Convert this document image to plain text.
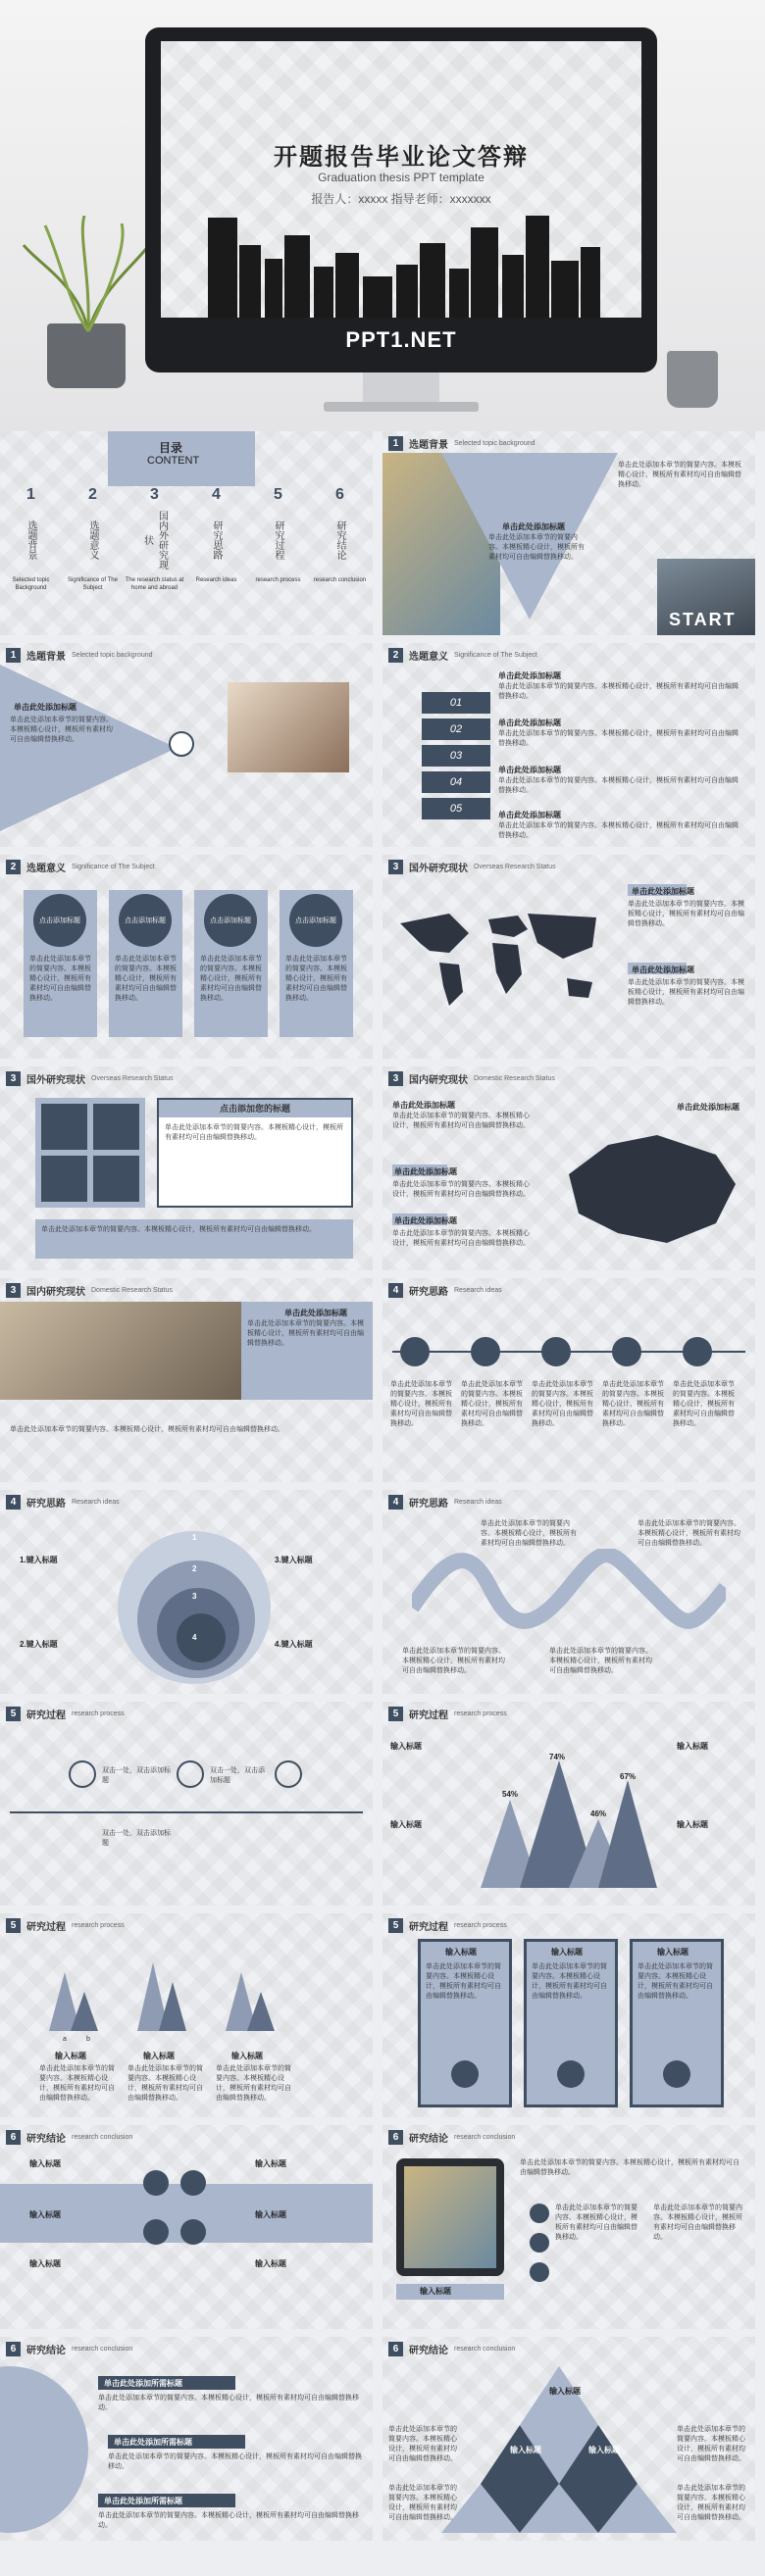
开题报告毕业论文答辩
Graduation thesis PPT template
报告人：xxxxx 指导老师：xxxxxxx
PPT1.NET
目录
CONTENT
1
选题背景
Selected topic Background
2
选题意义
Significance of The Subject
3
国内外研究现状
The research status at home and abroad
4
研究思路
Research ideas
5
研究过程
research process
6
研究结论
research conclusion
1	选题背景 Selected topic background
单击此处添加标题
单击此处添加本章节的简要内容。本模板精心设计，模板所有素材均可自由编辑替换移动。
单击此处添加本章节的简要内容。本模板精心设计，模板所有素材均可自由编辑替换移动。
START
1	选题背景 Selected topic background
单击此处添加标题
单击此处添加本章节的简要内容。本模板精心设计，模板所有素材均可自由编辑替换移动。
2	选题意义 Significance of The Subject
01
02
03
04
05
单击此处添加标题
单击此处添加本章节的简要内容。本模板精心设计，模板所有素材均可自由编辑替换移动。
单击此处添加标题
单击此处添加本章节的简要内容。本模板精心设计，模板所有素材均可自由编辑替换移动。
单击此处添加标题
单击此处添加本章节的简要内容。本模板精心设计，模板所有素材均可自由编辑替换移动。
单击此处添加标题
单击此处添加本章节的简要内容。本模板精心设计，模板所有素材均可自由编辑替换移动。
2	选题意义 Significance of The Subject
点击添加标题
单击此处添加本章节的简要内容。本模板精心设计，模板所有素材均可自由编辑替换移动。
点击添加标题
单击此处添加本章节的简要内容。本模板精心设计，模板所有素材均可自由编辑替换移动。
点击添加标题
单击此处添加本章节的简要内容。本模板精心设计，模板所有素材均可自由编辑替换移动。
点击添加标题
单击此处添加本章节的简要内容。本模板精心设计，模板所有素材均可自由编辑替换移动。
3	国外研究现状 Overseas Research Status
单击此处添加标题
单击此处添加本章节的简要内容。本模板精心设计，模板所有素材均可自由编辑替换移动。
单击此处添加标题
单击此处添加本章节的简要内容。本模板精心设计，模板所有素材均可自由编辑替换移动。
3	国外研究现状 Overseas Research Status
点击添加您的标题
单击此处添加本章节的简要内容。本模板精心设计，模板所有素材均可自由编辑替换移动。
单击此处添加本章节的简要内容。本模板精心设计，模板所有素材均可自由编辑替换移动。
3	国内研究现状 Domestic Research Status
单击此处添加标题
单击此处添加本章节的简要内容。本模板精心设计，模板所有素材均可自由编辑替换移动。
单击此处添加标题
单击此处添加本章节的简要内容。本模板精心设计，模板所有素材均可自由编辑替换移动。
单击此处添加标题
单击此处添加本章节的简要内容。本模板精心设计，模板所有素材均可自由编辑替换移动。
单击此处添加标题
3	国内研究现状 Domestic Research Status
单击此处添加标题
单击此处添加本章节的简要内容。本模板精心设计，模板所有素材均可自由编辑替换移动。
单击此处添加本章节的简要内容。本模板精心设计，模板所有素材均可自由编辑替换移动。
4	研究思路 Research ideas
单击此处添加本章节的简要内容。本模板精心设计，模板所有素材均可自由编辑替换移动。
单击此处添加本章节的简要内容。本模板精心设计，模板所有素材均可自由编辑替换移动。
单击此处添加本章节的简要内容。本模板精心设计，模板所有素材均可自由编辑替换移动。
单击此处添加本章节的简要内容。本模板精心设计，模板所有素材均可自由编辑替换移动。
单击此处添加本章节的简要内容。本模板精心设计，模板所有素材均可自由编辑替换移动。
4	研究思路 Research ideas
1
2
3
4
1.键入标题
2.键入标题
3.键入标题
4.键入标题
4	研究思路 Research ideas
单击此处添加本章节的简要内容。本模板精心设计，模板所有素材均可自由编辑替换移动。
单击此处添加本章节的简要内容。本模板精心设计，模板所有素材均可自由编辑替换移动。
单击此处添加本章节的简要内容。本模板精心设计，模板所有素材均可自由编辑替换移动。
单击此处添加本章节的简要内容。本模板精心设计，模板所有素材均可自由编辑替换移动。
5	研究过程 research process
双击一处，双击添加标题
双击一处，双击添加标题
双击一处，双击添加标题
5	研究过程 research process
54%
74%
46%
67%
输入标题
输入标题
输入标题
输入标题
5	研究过程 research process
a	b
输入标题	输入标题	输入标题
单击此处添加本章节的简要内容。本模板精心设计，模板所有素材均可自由编辑替换移动。
单击此处添加本章节的简要内容。本模板精心设计，模板所有素材均可自由编辑替换移动。
单击此处添加本章节的简要内容。本模板精心设计，模板所有素材均可自由编辑替换移动。
5	研究过程 research process
输入标题	输入标题	输入标题
单击此处添加本章节的简要内容。本模板精心设计，模板所有素材均可自由编辑替换移动。
单击此处添加本章节的简要内容。本模板精心设计，模板所有素材均可自由编辑替换移动。
单击此处添加本章节的简要内容。本模板精心设计，模板所有素材均可自由编辑替换移动。
6	研究结论 research conclusion
输入标题
输入标题
输入标题
输入标题
输入标题
输入标题
6	研究结论 research conclusion
单击此处添加本章节的简要内容。本模板精心设计，模板所有素材均可自由编辑替换移动。
单击此处添加本章节的简要内容。本模板精心设计，模板所有素材均可自由编辑替换移动。
单击此处添加本章节的简要内容。本模板精心设计，模板所有素材均可自由编辑替换移动。
输入标题
6	研究结论 research conclusion
单击此处添加所需标题
单击此处添加所需标题
单击此处添加所需标题
单击此处添加本章节的简要内容。本模板精心设计，模板所有素材均可自由编辑替换移动。
单击此处添加本章节的简要内容。本模板精心设计，模板所有素材均可自由编辑替换移动。
单击此处添加本章节的简要内容。本模板精心设计，模板所有素材均可自由编辑替换移动。
6	研究结论 research conclusion
输入标题
输入标题	输入标题
单击此处添加本章节的简要内容。本模板精心设计，模板所有素材均可自由编辑替换移动。
单击此处添加本章节的简要内容。本模板精心设计，模板所有素材均可自由编辑替换移动。
单击此处添加本章节的简要内容。本模板精心设计，模板所有素材均可自由编辑替换移动。
单击此处添加本章节的简要内容。本模板精心设计，模板所有素材均可自由编辑替换移动。
